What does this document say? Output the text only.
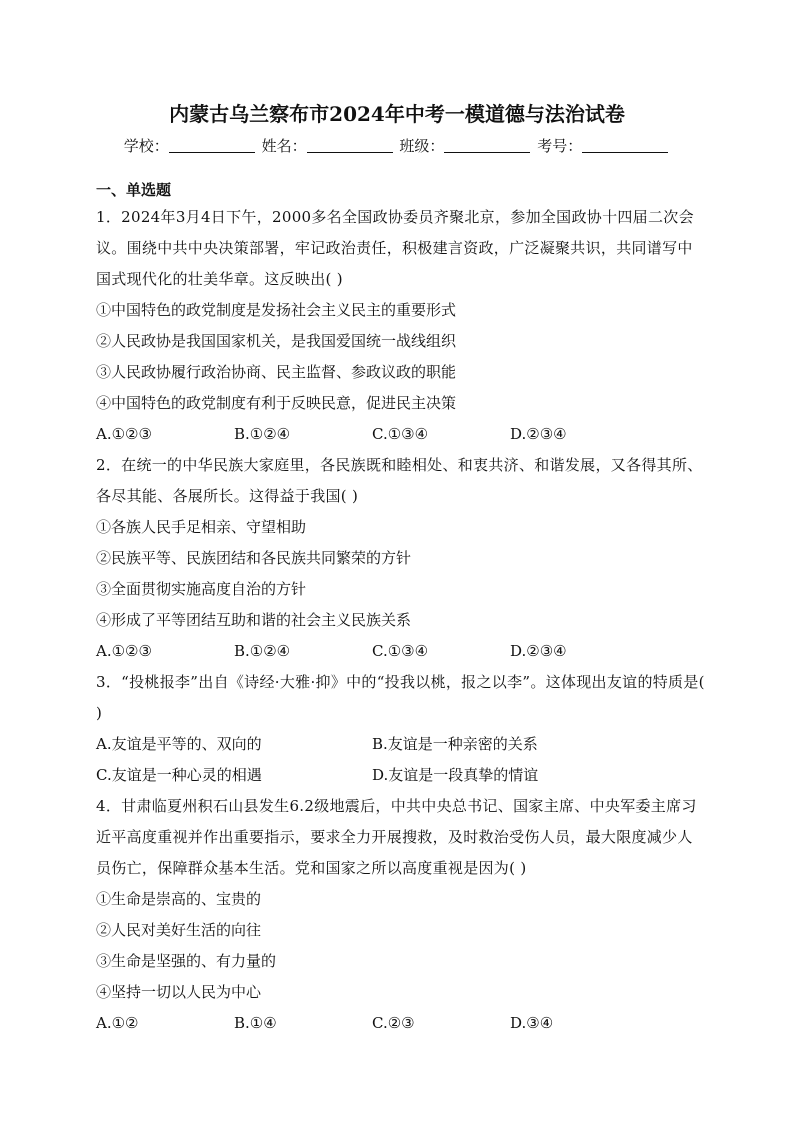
内蒙古乌兰察布市2024年中考一模道德与法治试卷
学校：	姓名：	班级：	考号：
一、单选题
1．2024年3月4日下午，2000多名全国政协委员齐聚北京，参加全国政协十四届二次会议。围绕中共中央决策部署，牢记政治责任，积极建言资政，广泛凝聚共识，共同谱写中国式现代化的壮美华章。这反映出( )
①中国特色的政党制度是发扬社会主义民主的重要形式
②人民政协是我国国家机关，是我国爱国统一战线组织
③人民政协履行政治协商、民主监督、参政议政的职能
④中国特色的政党制度有利于反映民意，促进民主决策
A.①②③	B.①②④	C.①③④	D.②③④
2．在统一的中华民族大家庭里，各民族既和睦相处、和衷共济、和谐发展，又各得其所、各尽其能、各展所长。这得益于我国( )
①各族人民手足相亲、守望相助
②民族平等、民族团结和各民族共同繁荣的方针
③全面贯彻实施高度自治的方针
④形成了平等团结互助和谐的社会主义民族关系
A.①②③	B.①②④	C.①③④	D.②③④
3．“投桃报李”出自《诗经·大雅·抑》中的“投我以桃，报之以李”。这体现出友谊的特质是( )
A.友谊是平等的、双向的	B.友谊是一种亲密的关系
C.友谊是一种心灵的相遇	D.友谊是一段真挚的情谊
4．甘肃临夏州积石山县发生6.2级地震后，中共中央总书记、国家主席、中央军委主席习近平高度重视并作出重要指示，要求全力开展搜救，及时救治受伤人员，最大限度减少人员伤亡，保障群众基本生活。党和国家之所以高度重视是因为( )
①生命是崇高的、宝贵的
②人民对美好生活的向往
③生命是坚强的、有力量的
④坚持一切以人民为中心
A.①②	B.①④	C.②③	D.③④
